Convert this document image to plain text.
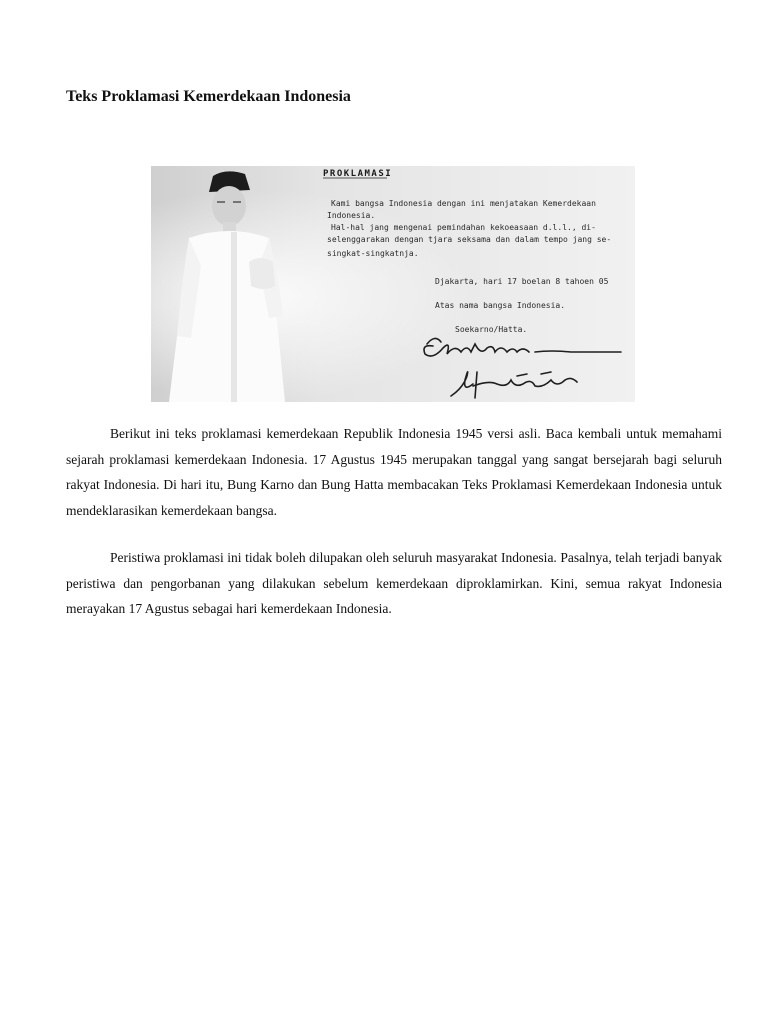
Teks Proklamasi Kemerdekaan Indonesia
PROKLAMASI
Kami bangsa Indonesia dengan ini menjatakan Kemerdekaan
Indonesia.
Hal-hal jang mengenai pemindahan kekoeasaan d.l.l., di-
selenggarakan dengan tjara seksama dan dalam tempo jang se-
singkat-singkatnja.
Djakarta, hari 17 boelan 8 tahoen 05
Atas nama bangsa Indonesia.
Soekarno/Hatta.

Berikut ini teks proklamasi kemerdekaan Republik Indonesia 1945 versi asli. Baca kembali untuk memahami sejarah proklamasi kemerdekaan Indonesia. 17 Agustus 1945 merupakan tanggal yang sangat bersejarah bagi seluruh rakyat Indonesia. Di hari itu, Bung Karno dan Bung Hatta membacakan Teks Proklamasi Kemerdekaan Indonesia untuk mendeklarasikan kemerdekaan bangsa.

Peristiwa proklamasi ini tidak boleh dilupakan oleh seluruh masyarakat Indonesia. Pasalnya, telah terjadi banyak peristiwa dan pengorbanan yang dilakukan sebelum kemerdekaan diproklamirkan. Kini, semua rakyat Indonesia merayakan 17 Agustus sebagai hari kemerdekaan Indonesia.
